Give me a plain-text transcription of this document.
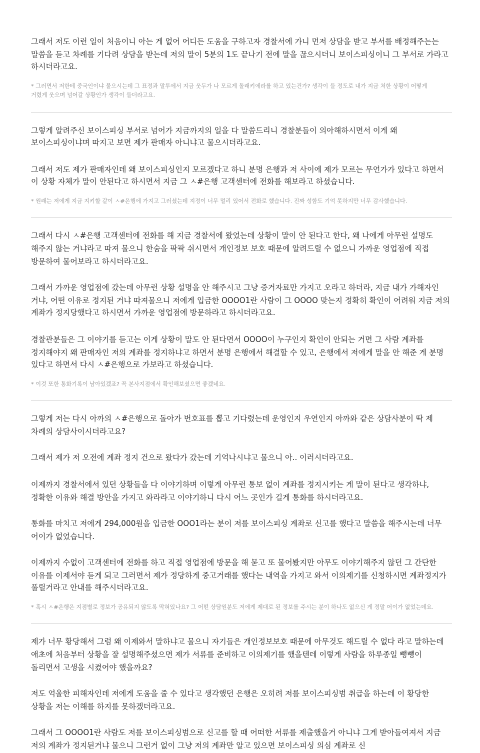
그래서 저도 이런 일이 처음이니 아는 게 없어 어디든 도움을 구하고자 경찰서에 가니 먼저 상담을 받고 부서를 배정해주는는 말씀을 듣고 차례를 기다려 상담을 받는데 저의 말이 5분의 1도 끝나기 전에 말을 끊으시더니 보이스피싱이니 그 부서로 가라고 하시더라고요.

* 그러면서 저한테 중국인이냐 물으시는데 그 표정과 말투에서 지금 웃두가 나 모르게 돌래키에라를 하고 있는건가? 생각이 들 정도로 내가 지금 처한 상황이 어떻게 거렸게 웃으며 넘어갈 상황인가 생각이 들더라고요.

그렇게 알려주신 보이스피싱 부서로 넘어가 지금까지의 일을 다 말씀드리니 경찰분들이 의아해하시면서 이게 왜 보이스피싱이냐며 따지고 보면 제가 판매자 아니냐고 물으시더라고요.

그래서 저도 제가 판매자인데 왜 보이스피싱인지 모르겠다고 하니 분명 은행과 저 사이에 제가 모르는 무언가가 있다고 하면서 이 상황 자체가 말이 안된다고 하시면서 지금 그 ㅅ#은행 고객센터에 전화를 해보라고 하셨습니다.

* 원래는 저에게 지금 지키할 같이 ㅅ#은행에 가지고 그러셨는데 지정이 너무 멀리 있어서 전화로 했습니다. 진짜 성함도 기억 못하지만 너무 감사했습니다.

그래서 다시 ㅅ#은행 고객센터에 전화를 해 지금 경찰서에 왔었는데 상황이 말이 안 된다고 한다, 왜 나에게 아무런 설명도 해주지 않는 거냐라고 따져 물으니 한숨을 팍팍 쉬시면서 개인정보 보호 때문에 알려드릴 수 없으니 가까운 영업점에 직접 방문하여 물어보라고 하시더라고요.

그래서 가까운 영업점에 갔는데 아무런 상황 설명을 안 해주시고 그냥 증거자료만 가지고 오라고 하더라, 지금 내가 가해자인 거냐, 어떤 이유로 정지된 거냐 따져물으니 저에게 입금한 OOOO1란 사람이 그 OOOO 맞는지 정확히 확인이 어려워 지금 저의 계좌가 정지당했다고 하시면서 가까운 영업점에 방문하라고 하시더라고요.

경찰관분들은 그 이야기를 듣고는 이게 상황이 말도 안 된다면서 OOOO이 누구인지 확인이 안되는 거면 그 사람 계좌를 정지해야지 왜 판매자인 저의 계좌를 정지하냐고 하면서 분명 은행에서 해결할 수 있고, 은행에서 저에게 말을 안 해준 게 분명 있다고 하면서 다시 ㅅ#은행으로 가보라고 하셨습니다.

* 이것 또한 통화기록이 남아있겠죠? 꼭 본사지점에서 확인해보셨으면 좋겠네요.

그렇게 저는 다시 아까의 ㅅ#은행으로 돌아가 번호표를 뽑고 기다렸는데 운영인지 우연인지 아까와 같은 상담사분이 딱 제 차례의 상담사이시더라고요?

그래서 제가 저 오전에 계좌 정지 건으로 왔다가 갔는데 기억나시냐고 물으니 아.. 이러시더라고요.

이제까지 경찰서에서 있던 상황들을 다 이야기하며 이렇게 아무런 통보 없이 계좌를 정지시키는 게 말이 된다고 생각하냐, 정확한 이유와 해결 방안을 가지고 와라라고 이야기하니 다시 어느 곳인가 길게 통화를 하시더라고요.

통화를 마치고 저에게 294,000원을 입금한 OOO1라는 분이 저를 보이스피싱 계좌로 신고를 했다고 말씀을 해주시는데 너무 어이가 없었습니다.

이제까지 수없이 고객센터에 전화를 하고 직접 영업점에 방문을 해 묻고 또 물어봤지만 아무도 이야기해주지 않던 그 간단한 이유를 이제서야 듣게 되고 그러면서 제가 정당하게 중고거래를 했다는 내역을 가지고 와서 이의제기를 신청하시면 계좌정지가 풀릴거라고 안내를 해주시더라고요.

* 혹시 ㅅ#은행은 지점별로 정보가 공유되지 않도록 막혀있나요? 그 어떤 상담원분도 저에게 제대로 된 정보를 주시는 분이 하나도 없으신 게 정말 어이가 없었는데요.

제가 너무 황당해서 그럼 왜 이제와서 말하냐고 물으니 자기들은 개인정보보호 때문에 아무것도 해드릴 수 없다 라고 말하는데 애초에 처음부터 상황을 잘 설명해주셨으면 제가 서류를 준비하고 이의제기를 했을텐데 이렇게 사람을 하루종일 뺑뺑이 돌리면서 고생을 시켰어야 했을까요?

저도 억울한 피해자인데 저에게 도움을 줄 수 있다고 생각했던 은행은 오히려 저를 보이스피싱범 취급을 하는데 이 황당한 상황을 저는 이해를 하지를 못하겠더라고요.

그래서 그 OOOO1란 사람도 저를 보이스피싱범으로 신고를 할 때 어떠한 서류를 제출했을거 아니냐 그게 받아들여져서 지금 저의 계좌가 정지된거냐 물으니 그런거 없이 그냥 저의 계좌만 알고 있으면 보이스피싱 의심 계좌로 신
